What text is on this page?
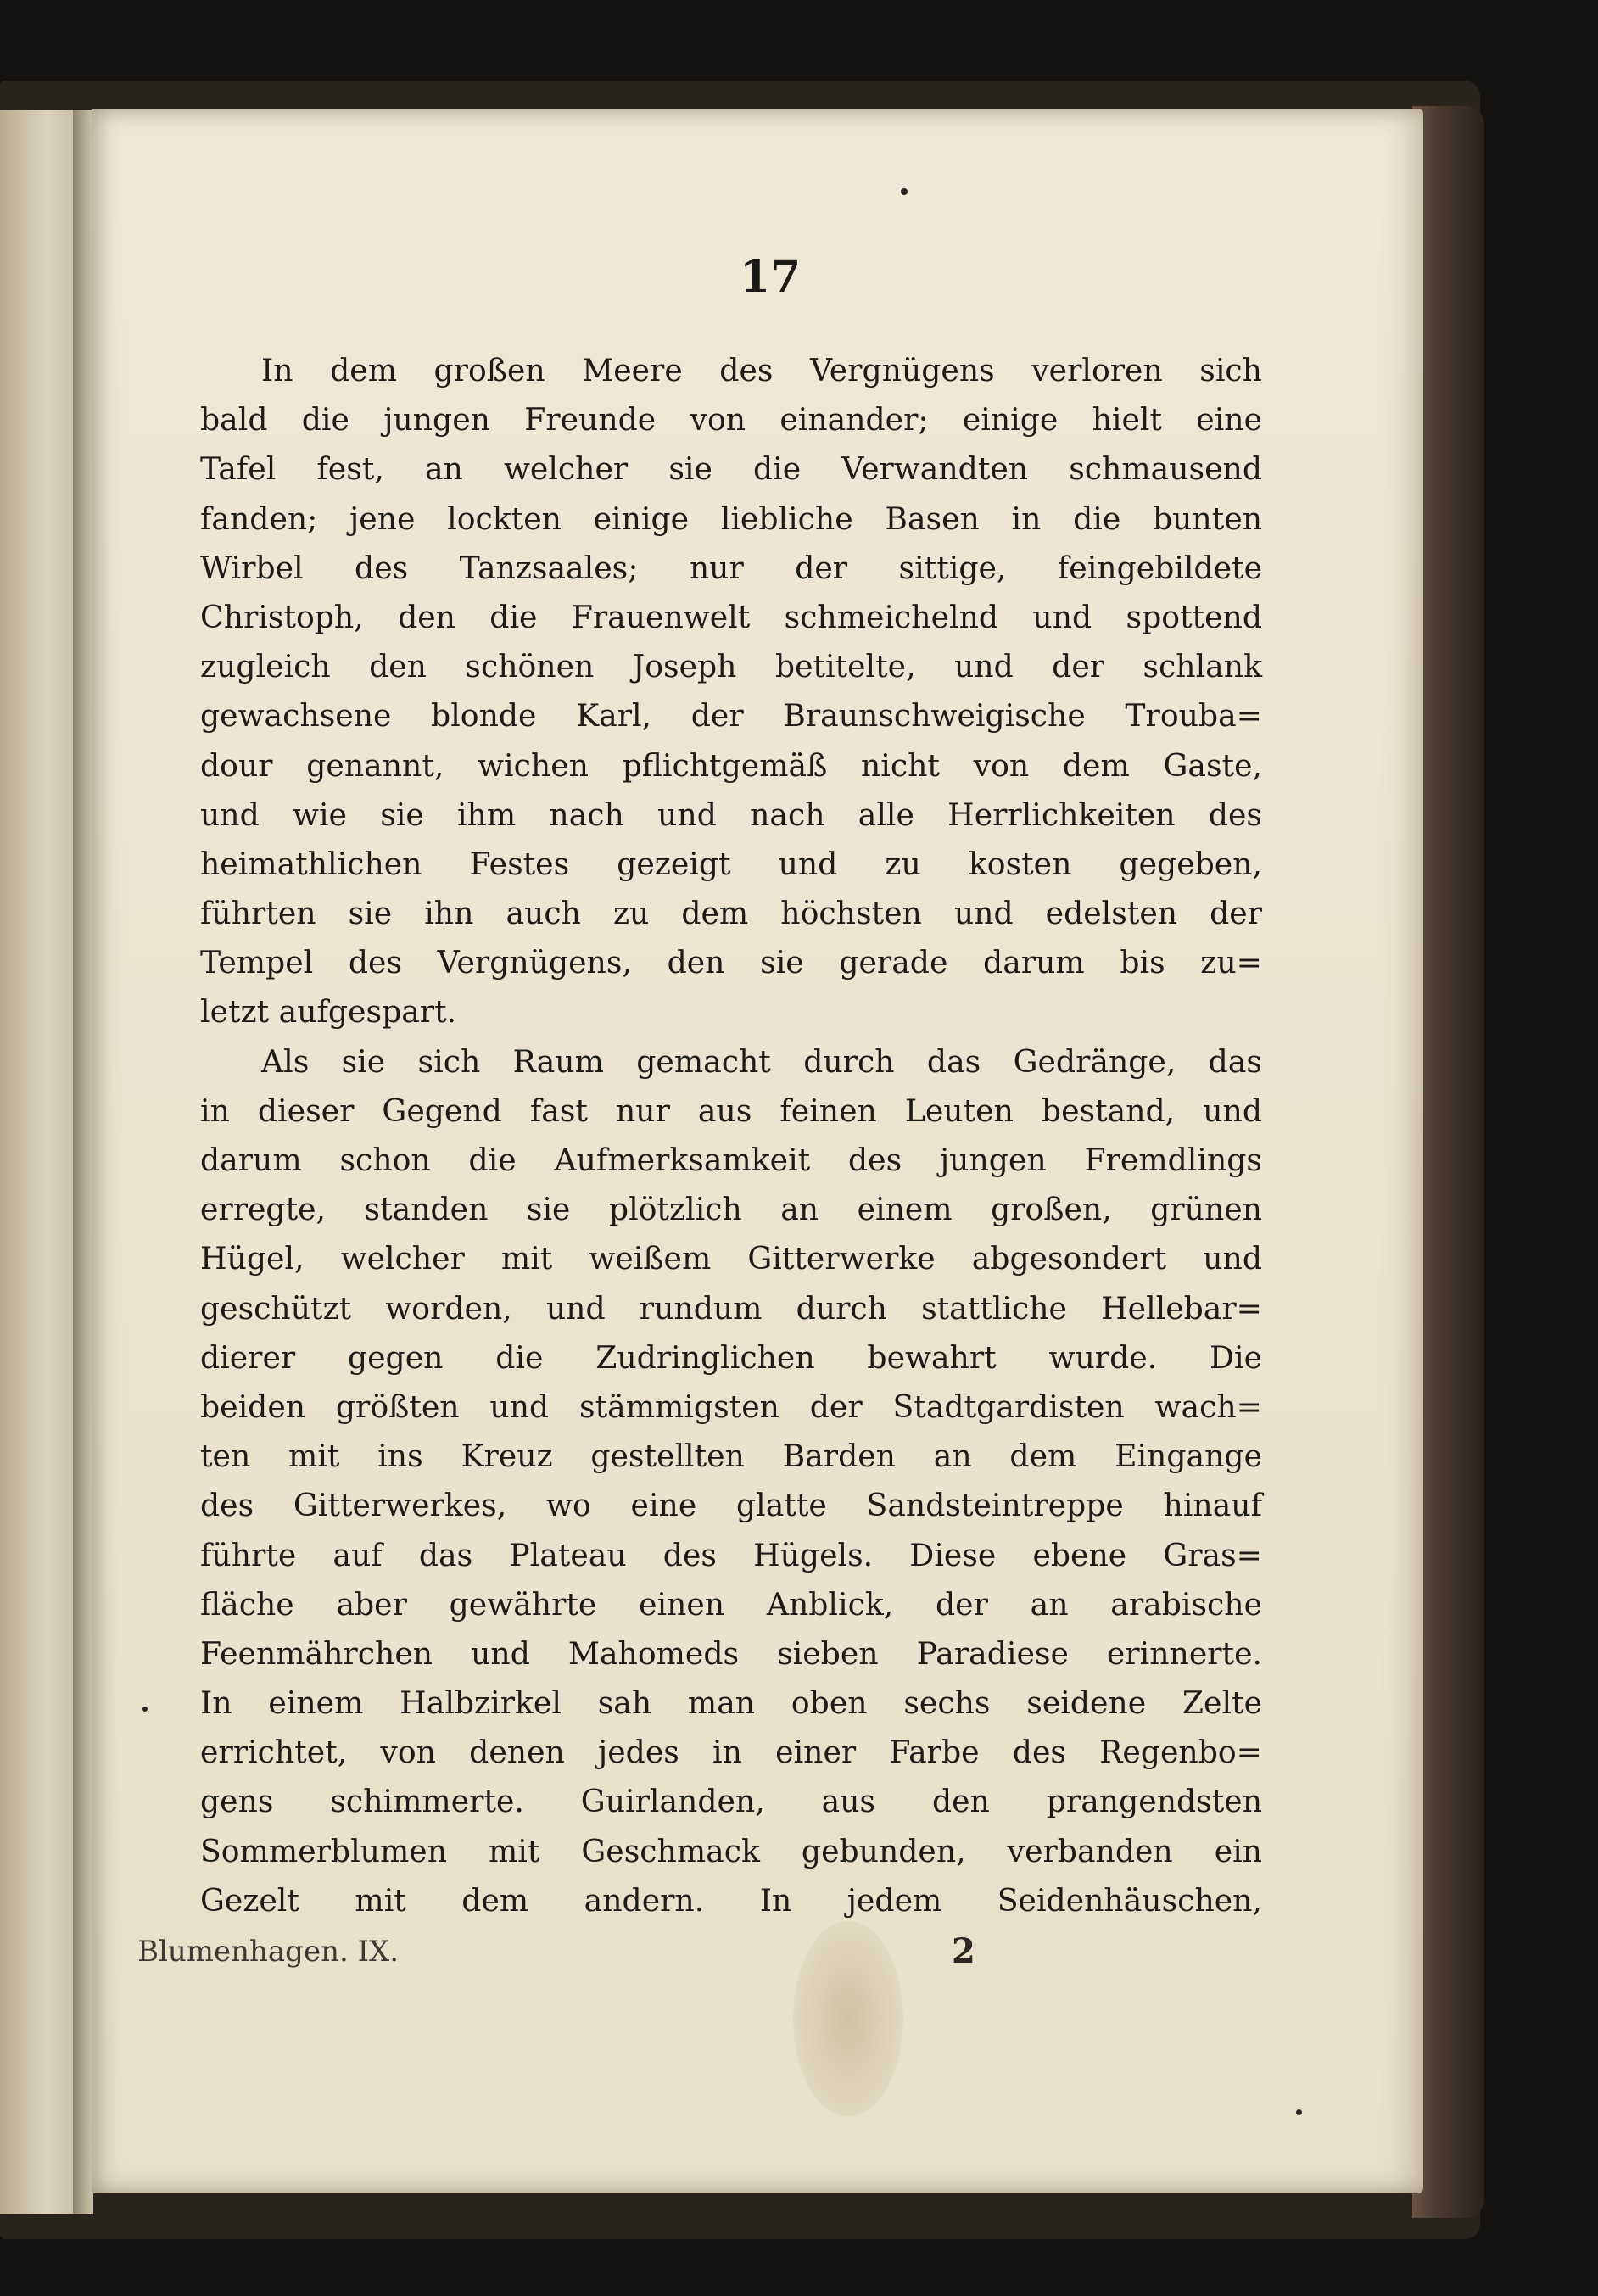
17
In dem großen Meere des Vergnügens verloren sich
bald die jungen Freunde von einander; einige hielt eine
Tafel fest, an welcher sie die Verwandten schmausend
fanden; jene lockten einige liebliche Basen in die bunten
Wirbel des Tanzsaales; nur der sittige, feingebildete
Christoph, den die Frauenwelt schmeichelnd und spottend
zugleich den schönen Joseph betitelte, und der schlank
gewachsene blonde Karl, der Braunschweigische Trouba=
dour genannt, wichen pflichtgemäß nicht von dem Gaste,
und wie sie ihm nach und nach alle Herrlichkeiten des
heimathlichen Festes gezeigt und zu kosten gegeben,
führten sie ihn auch zu dem höchsten und edelsten der
Tempel des Vergnügens, den sie gerade darum bis zu=
letzt aufgespart.
Als sie sich Raum gemacht durch das Gedränge, das
in dieser Gegend fast nur aus feinen Leuten bestand, und
darum schon die Aufmerksamkeit des jungen Fremdlings
erregte, standen sie plötzlich an einem großen, grünen
Hügel, welcher mit weißem Gitterwerke abgesondert und
geschützt worden, und rundum durch stattliche Hellebar=
dierer gegen die Zudringlichen bewahrt wurde. Die
beiden größten und stämmigsten der Stadtgardisten wach=
ten mit ins Kreuz gestellten Barden an dem Eingange
des Gitterwerkes, wo eine glatte Sandsteintreppe hinauf
führte auf das Plateau des Hügels. Diese ebene Gras=
fläche aber gewährte einen Anblick, der an arabische
Feenmährchen und Mahomeds sieben Paradiese erinnerte.
In einem Halbzirkel sah man oben sechs seidene Zelte
errichtet, von denen jedes in einer Farbe des Regenbo=
gens schimmerte. Guirlanden, aus den prangendsten
Sommerblumen mit Geschmack gebunden, verbanden ein
Gezelt mit dem andern. In jedem Seidenhäuschen,
Blumenhagen. IX.	2
